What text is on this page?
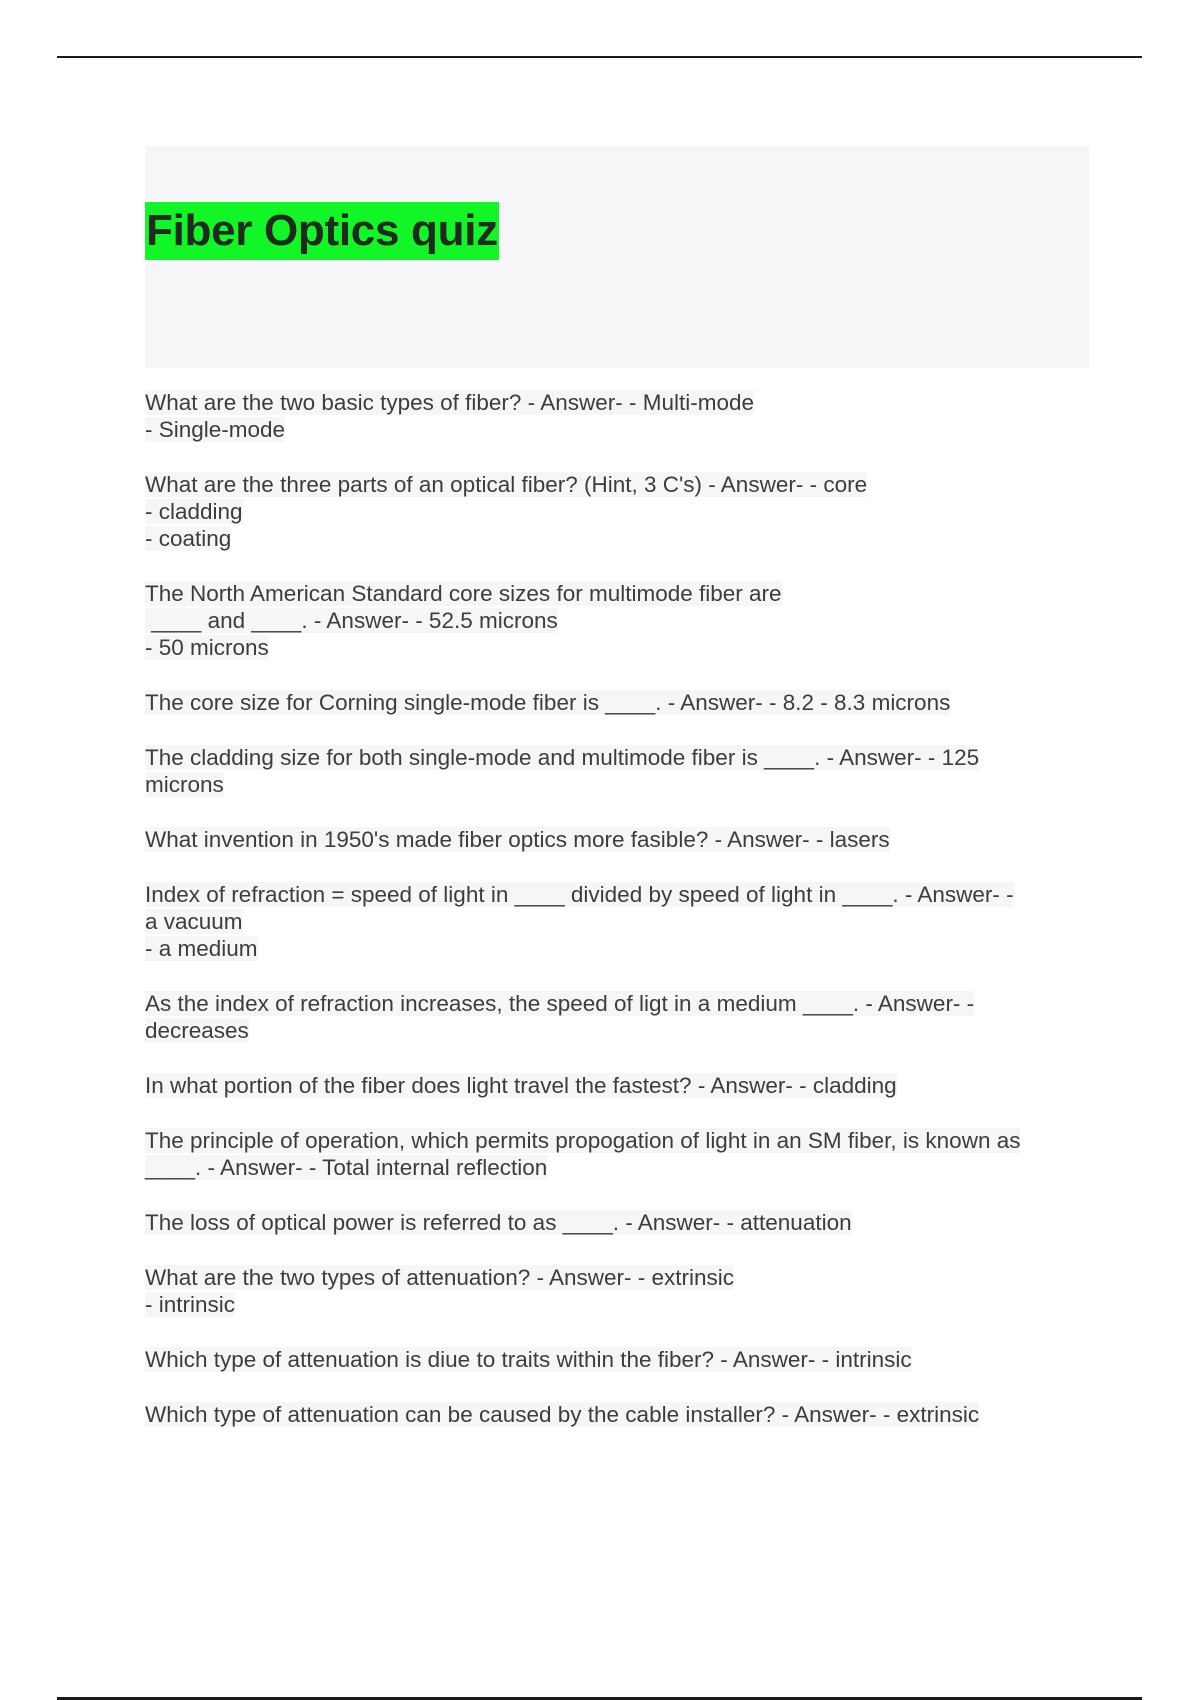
Fiber Optics quiz
What are the two basic types of fiber? - Answer- - Multi-mode
- Single-mode
What are the three parts of an optical fiber? (Hint, 3 C's) - Answer- - core
- cladding
- coating
The North American Standard core sizes for multimode fiber are
____ and ____. - Answer- - 52.5 microns
- 50 microns
The core size for Corning single-mode fiber is ____. - Answer- - 8.2 - 8.3 microns
The cladding size for both single-mode and multimode fiber is ____. - Answer- - 125
microns
What invention in 1950's made fiber optics more fasible? - Answer- - lasers
Index of refraction = speed of light in ____ divided by speed of light in ____. - Answer- -
a vacuum
- a medium
As the index of refraction increases, the speed of ligt in a medium ____. - Answer- -
decreases
In what portion of the fiber does light travel the fastest? - Answer- - cladding
The principle of operation, which permits propogation of light in an SM fiber, is known as
____. - Answer- - Total internal reflection
The loss of optical power is referred to as ____. - Answer- - attenuation
What are the two types of attenuation? - Answer- - extrinsic
- intrinsic
Which type of attenuation is diue to traits within the fiber? - Answer- - intrinsic
Which type of attenuation can be caused by the cable installer? - Answer- - extrinsic
